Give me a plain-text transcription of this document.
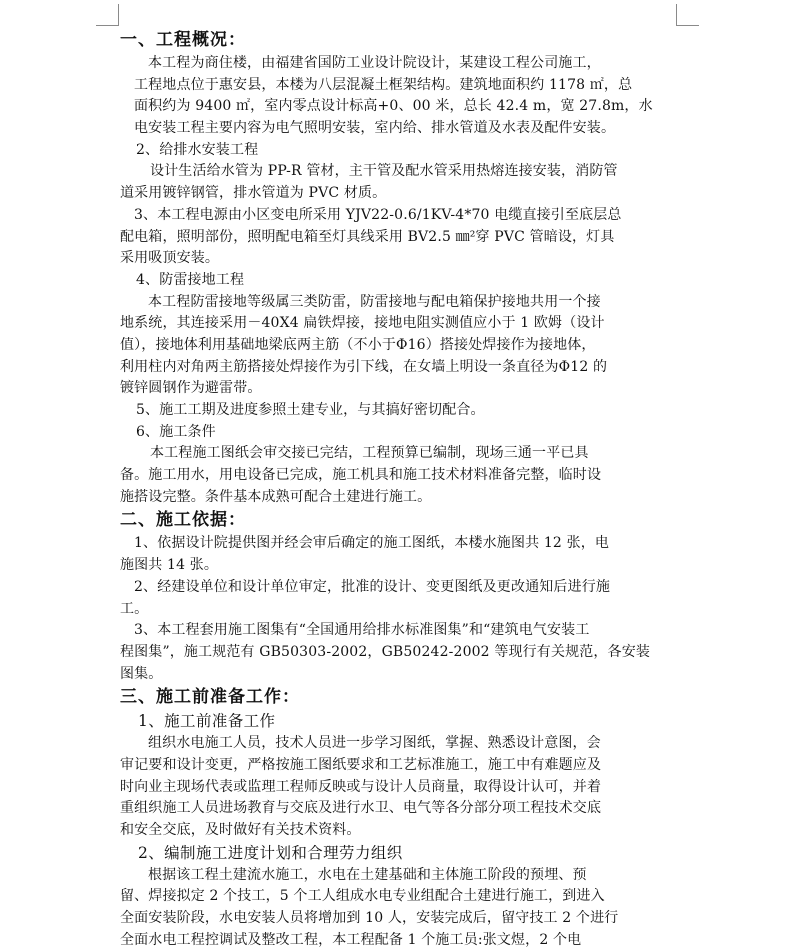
一、工程概况：
本工程为商住楼，由福建省国防工业设计院设计，某建设工程公司施工，
工程地点位于惠安县，本楼为八层混凝土框架结构。建筑地面积约 1178 ㎡，总
面积约为 9400 ㎡，室内零点设计标高+0、00 米，总长 42.4 m，宽 27.8m，水
电安装工程主要内容为电气照明安装，室内给、排水管道及水表及配件安装。
2、给排水安装工程
设计生活给水管为 PP-R 管材，主干管及配水管采用热熔连接安装，消防管
道采用镀锌钢管，排水管道为 PVC 材质。
3、本工程电源由小区变电所采用 YJV22-0.6/1KV-4*70 电缆直接引至底层总
配电箱，照明部份，照明配电箱至灯具线采用 BV2.5 ㎜²穿 PVC 管暗设，灯具
采用吸顶安装。
4、防雷接地工程
本工程防雷接地等级属三类防雷，防雷接地与配电箱保护接地共用一个接
地系统，其连接采用－40X4 扁铁焊接，接地电阻实测值应小于 1 欧姆（设计
值），接地体利用基础地梁底两主筋（不小于Φ16）搭接处焊接作为接地体，
利用柱内对角两主筋搭接处焊接作为引下线，在女墙上明设一条直径为Φ12 的
镀锌圆钢作为避雷带。
5、施工工期及进度参照土建专业，与其搞好密切配合。
6、施工条件
本工程施工图纸会审交接已完结，工程预算已编制，现场三通一平已具
备。施工用水，用电设备已完成，施工机具和施工技术材料准备完整，临时设
施搭设完整。条件基本成熟可配合土建进行施工。
二、施工依据：
1、依据设计院提供图并经会审后确定的施工图纸，本楼水施图共 12 张，电
施图共 14 张。
2、经建设单位和设计单位审定，批准的设计、变更图纸及更改通知后进行施
工。
3、本工程套用施工图集有“全国通用给排水标准图集”和“建筑电气安装工
程图集”，施工规范有 GB50303-2002，GB50242-2002 等现行有关规范，各安装
图集。
三、施工前准备工作：
1、施工前准备工作
组织水电施工人员，技术人员进一步学习图纸，掌握、熟悉设计意图，会
审记要和设计变更，严格按施工图纸要求和工艺标准施工，施工中有难题应及
时向业主现场代表或监理工程师反映或与设计人员商量，取得设计认可，并着
重组织施工人员进场教育与交底及进行水卫、电气等各分部分项工程技术交底
和安全交底，及时做好有关技术资料。
2、编制施工进度计划和合理劳力组织
根据该工程土建流水施工，水电在土建基础和主体施工阶段的预埋、预
留、焊接拟定 2 个技工，5 个工人组成水电专业组配合土建进行施工，到进入
全面安装阶段，水电安装人员将增加到 10 人，安装完成后，留守技工 2 个进行
全面水电工程控调试及整改工程，本工程配备 1 个施工员:张文煜，2 个电
